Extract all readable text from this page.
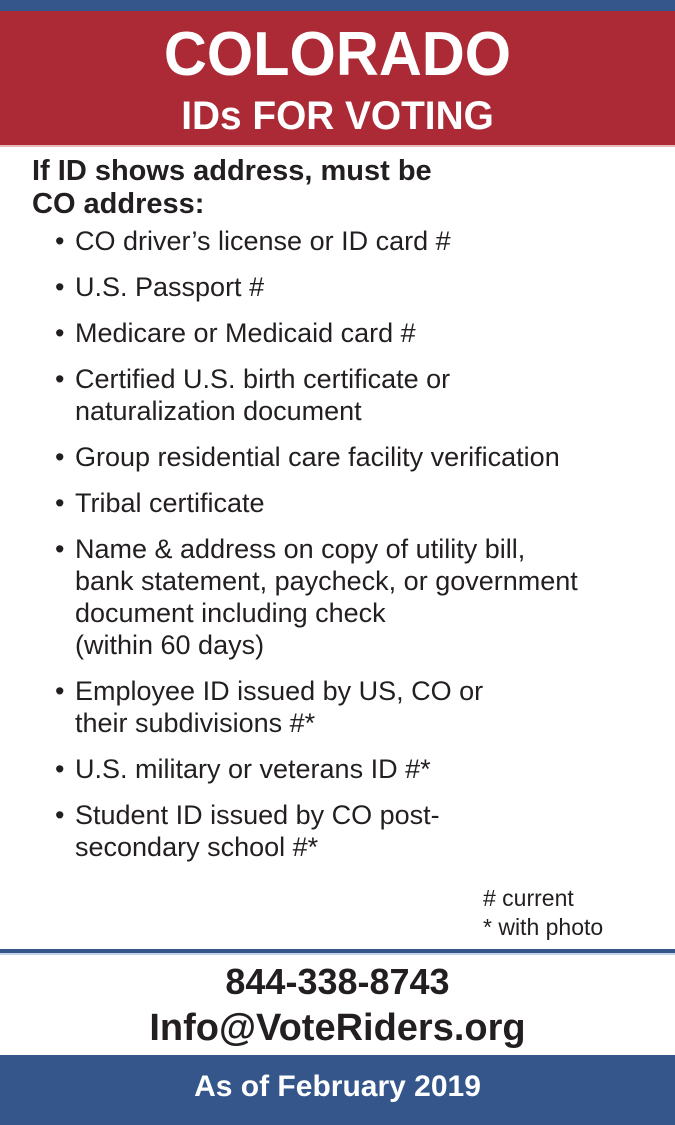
COLORADO
IDs FOR VOTING
If ID shows address, must be
CO address:
• CO driver’s license or ID card #
• U.S. Passport #
• Medicare or Medicaid card #
• Certified U.S. birth certificate or
naturalization document
• Group residential care facility verification
• Tribal certificate
• Name & address on copy of utility bill,
bank statement, paycheck, or government
document including check
(within 60 days)
• Employee ID issued by US, CO or
their subdivisions #*
• U.S. military or veterans ID #*
• Student ID issued by CO post-
secondary school #*
# current
* with photo
844-338-8743
Info@VoteRiders.org
As of February 2019
